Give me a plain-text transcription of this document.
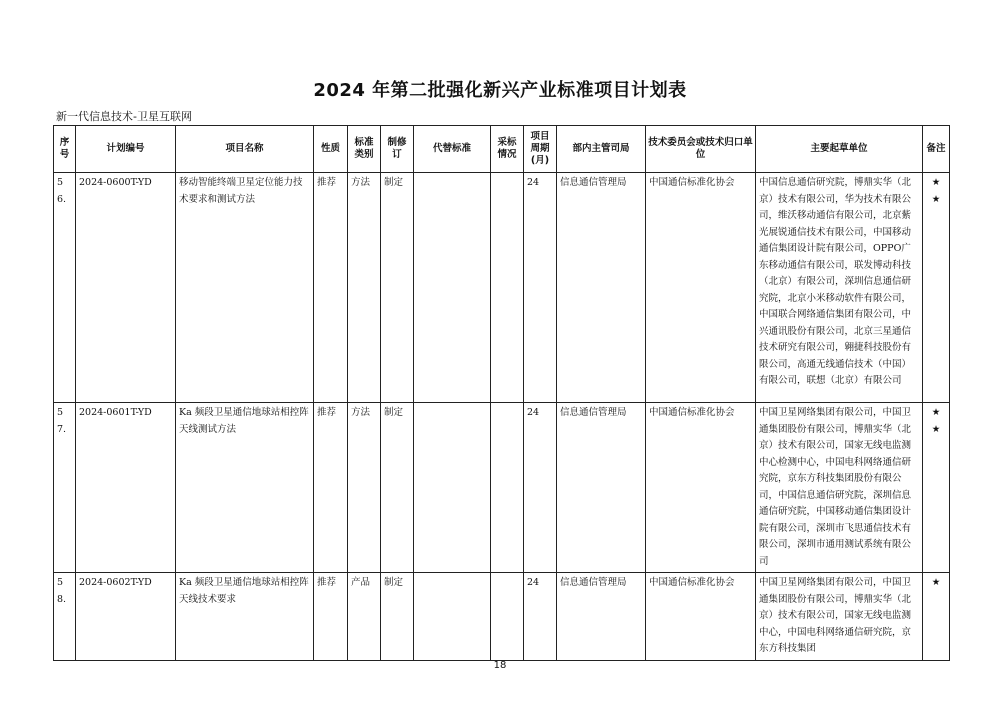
2024 年第二批强化新兴产业标准项目计划表
新一代信息技术-卫星互联网
序号	计划编号	项目名称	性质	标准类别	制修订	代替标准	采标情况	项目周期(月)	部内主管司局	技术委员会或技术归口单位	主要起草单位	备注
56.	2024-0600T-YD	移动智能终端卫星定位能力技术要求和测试方法	推荐	方法	制定			24	信息通信管理局	中国通信标准化协会	中国信息通信研究院，博鼎实华（北京）技术有限公司，华为技术有限公司，维沃移动通信有限公司，北京紫光展锐通信技术有限公司，中国移动通信集团设计院有限公司，OPPO广东移动通信有限公司，联发博动科技（北京）有限公司，深圳信息通信研究院，北京小米移动软件有限公司，中国联合网络通信集团有限公司，中兴通讯股份有限公司，北京三星通信技术研究有限公司，翱捷科技股份有限公司，高通无线通信技术（中国）有限公司，联想（北京）有限公司	★
★

57.	2024-0601T-YD	Ka 频段卫星通信地球站相控阵天线测试方法	推荐	方法	制定			24	信息通信管理局	中国通信标准化协会	中国卫星网络集团有限公司，中国卫通集团股份有限公司，博鼎实华（北京）技术有限公司，国家无线电监测中心检测中心，中国电科网络通信研究院，京东方科技集团股份有限公司，中国信息通信研究院，深圳信息通信研究院，中国移动通信集团设计院有限公司，深圳市飞思通信技术有限公司，深圳市通用测试系统有限公司	★
★

58.	2024-0602T-YD	Ka 频段卫星通信地球站相控阵天线技术要求	推荐	产品	制定			24	信息通信管理局	中国通信标准化协会	中国卫星网络集团有限公司，中国卫通集团股份有限公司，博鼎实华（北京）技术有限公司，国家无线电监测中心，中国电科网络通信研究院，京东方科技集团	★
18
